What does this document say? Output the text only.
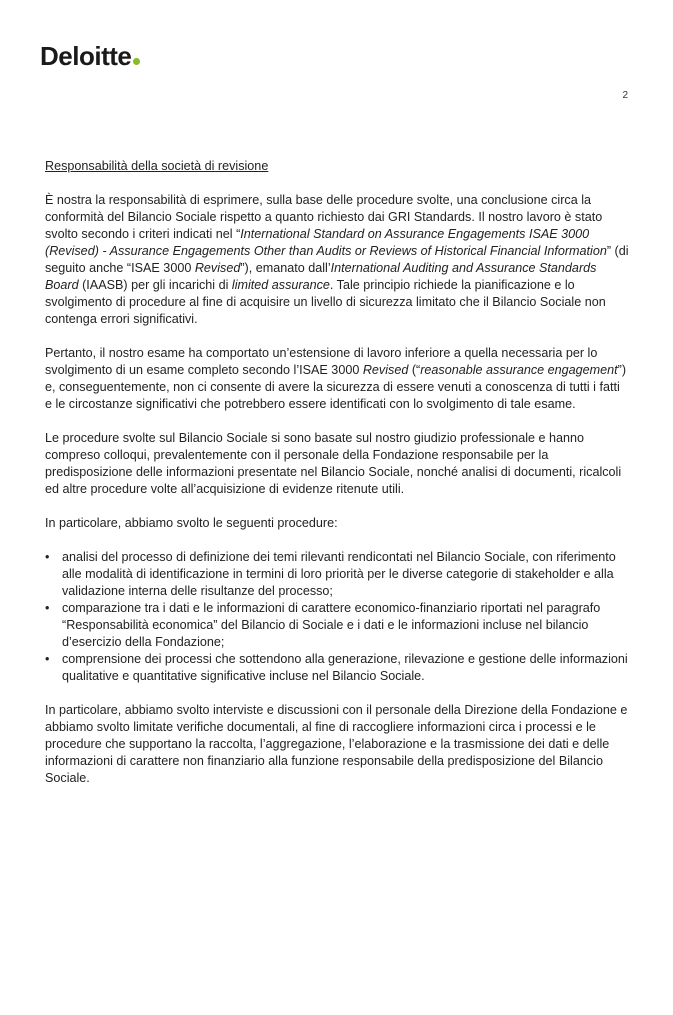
Deloitte
2
Responsabilità della società di revisione

È nostra la responsabilità di esprimere, sulla base delle procedure svolte, una conclusione circa la conformità del Bilancio Sociale rispetto a quanto richiesto dai GRI Standards. Il nostro lavoro è stato svolto secondo i criteri indicati nel “International Standard on Assurance Engagements ISAE 3000 (Revised) - Assurance Engagements Other than Audits or Reviews of Historical Financial Information” (di seguito anche “ISAE 3000 Revised”), emanato dall’International Auditing and Assurance Standards Board (IAASB) per gli incarichi di limited assurance. Tale principio richiede la pianificazione e lo svolgimento di procedure al fine di acquisire un livello di sicurezza limitato che il Bilancio Sociale non contenga errori significativi.

Pertanto, il nostro esame ha comportato un’estensione di lavoro inferiore a quella necessaria per lo svolgimento di un esame completo secondo l’ISAE 3000 Revised (“reasonable assurance engagement”) e, conseguentemente, non ci consente di avere la sicurezza di essere venuti a conoscenza di tutti i fatti e le circostanze significativi che potrebbero essere identificati con lo svolgimento di tale esame.

Le procedure svolte sul Bilancio Sociale si sono basate sul nostro giudizio professionale e hanno compreso colloqui, prevalentemente con il personale della Fondazione responsabile per la predisposizione delle informazioni presentate nel Bilancio Sociale, nonché analisi di documenti, ricalcoli ed altre procedure volte all’acquisizione di evidenze ritenute utili.

In particolare, abbiamo svolto le seguenti procedure:

• analisi del processo di definizione dei temi rilevanti rendicontati nel Bilancio Sociale, con riferimento alle modalità di identificazione in termini di loro priorità per le diverse categorie di stakeholder e alla validazione interna delle risultanze del processo;
• comparazione tra i dati e le informazioni di carattere economico-finanziario riportati nel paragrafo “Responsabilità economica” del Bilancio di Sociale e i dati e le informazioni incluse nel bilancio d’esercizio della Fondazione;
• comprensione dei processi che sottendono alla generazione, rilevazione e gestione delle informazioni qualitative e quantitative significative incluse nel Bilancio Sociale.

In particolare, abbiamo svolto interviste e discussioni con il personale della Direzione della Fondazione e abbiamo svolto limitate verifiche documentali, al fine di raccogliere informazioni circa i processi e le procedure che supportano la raccolta, l’aggregazione, l’elaborazione e la trasmissione dei dati e delle informazioni di carattere non finanziario alla funzione responsabile della predisposizione del Bilancio Sociale.
